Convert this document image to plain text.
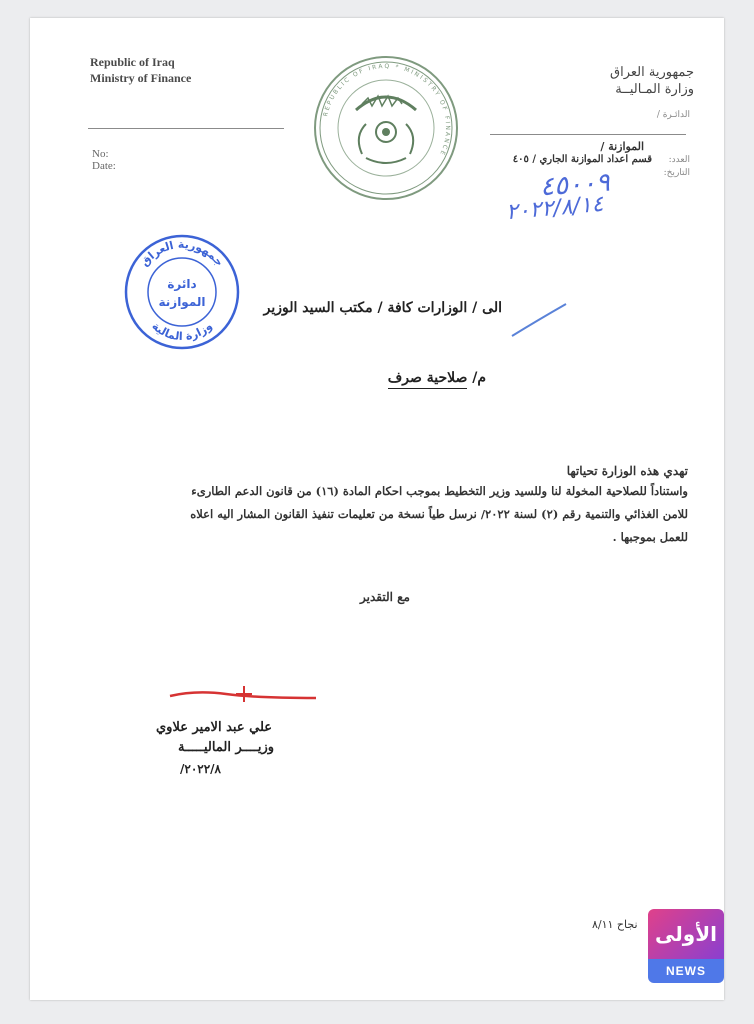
Republic of Iraq
Ministry of Finance
No:
Date:
REPUBLIC OF IRAQ * MINISTRY OF FINANCE
جمهورية العراق
وزارة المـاليــة
الدائـرة /
الموازنة /
قسم اعداد الموازنة الجاري / ٤٠٥ العدد:
التاريخ:
٤٥٠٠٩
٢٠٢٢/٨/١٤
جمهورية العراق
وزارة المالية
دائرة
الموازنة	الى / الوزارات كافة / مكتب السيد الوزير
م/ صلاحية صرف
تهدي هذه الوزارة تحياتها
واستناداً للصلاحية المخولة لنا وللسيد وزير التخطيط بموجب احكام المادة (١٦) من قانون الدعم الطارىء
للامن الغذائي والتنمية رقم (٢) لسنة ٢٠٢٢/ نرسل طياً نسخة من تعليمات تنفيذ القانون المشار اليه اعلاه
للعمل بموجبها .
مع التقدير
علي عبد الامير علاوي
وزيــــر الماليـــــة
٢٠٢٢/٨/
نجاح ٨/١١ الأولى
NEWS
